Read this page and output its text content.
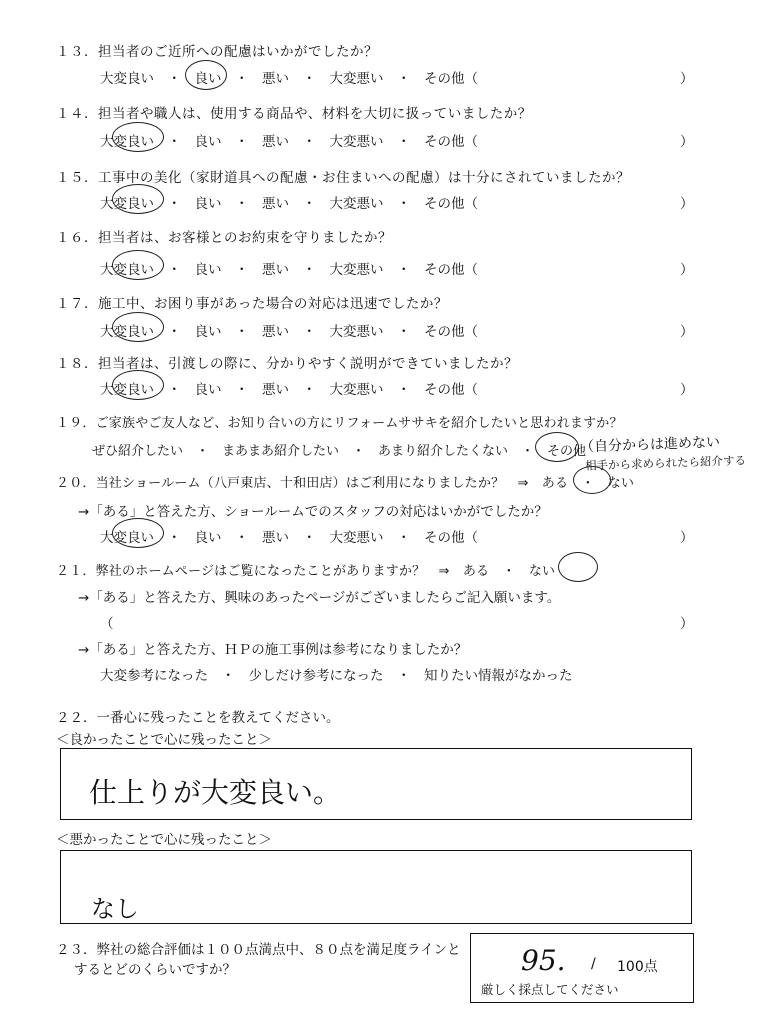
１３．担当者のご近所への配慮はいかがでしたか？
大変良い　・　良い　・　悪い　・　大変悪い　・　その他（	）
１４．担当者や職人は、使用する商品や、材料を大切に扱っていましたか？
大変良い　・　良い　・　悪い　・　大変悪い　・　その他（	）
１５．工事中の美化（家財道具への配慮・お住まいへの配慮）は十分にされていましたか？
大変良い　・　良い　・　悪い　・　大変悪い　・　その他（	）
１６．担当者は、お客様とのお約束を守りましたか？
大変良い　・　良い　・　悪い　・　大変悪い　・　その他（	）
１７．施工中、お困り事があった場合の対応は迅速でしたか？
大変良い　・　良い　・　悪い　・　大変悪い　・　その他（	）
１８．担当者は、引渡しの際に、分かりやすく説明ができていましたか？
大変良い　・　良い　・　悪い　・　大変悪い　・　その他（	）
１９．ご家族やご友人など、お知り合いの方にリフォームササキを紹介したいと思われますか？
ぜひ紹介したい　・　まあまあ紹介したい　・　あまり紹介したくない　・　その他
（自分からは進めない
相手から求められたら紹介する
２０．当社ショールーム（八戸東店、十和田店）はご利用になりましたか？　⇒　ある　・　ない
→「ある」と答えた方、ショールームでのスタッフの対応はいかがでしたか？
大変良い　・　良い　・　悪い　・　大変悪い　・　その他（	）
２１．弊社のホームページはご覧になったことがありますか？　⇒　ある　・　ない
→「ある」と答えた方、興味のあったページがございましたらご記入願います。
（	）
→「ある」と答えた方、ＨＰの施工事例は参考になりましたか？
大変参考になった　・　少しだけ参考になった　・　知りたい情報がなかった
２２．一番心に残ったことを教えてください。
＜良かったことで心に残ったこと＞
仕上りが大変良い。
＜悪かったことで心に残ったこと＞
なし
２３．弊社の総合評価は１００点満点中、８０点を満足度ラインと
するとどのくらいですか？	95. / 100点
厳しく採点してください
